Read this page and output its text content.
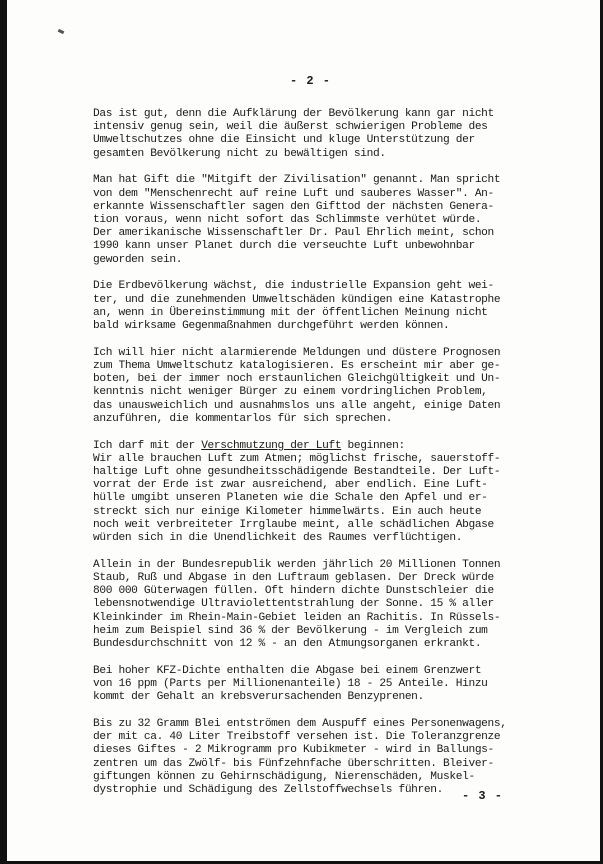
- 2 -
Das ist gut, denn die Aufklärung der Bevölkerung kann gar nicht
intensiv genug sein, weil die äußerst schwierigen Probleme des
Umweltschutzes ohne die Einsicht und kluge Unterstützung der
gesamten Bevölkerung nicht zu bewältigen sind.
Man hat Gift die "Mitgift der Zivilisation" genannt. Man spricht
von dem "Menschenrecht auf reine Luft und sauberes Wasser". An-
erkannte Wissenschaftler sagen den Gifttod der nächsten Genera-
tion voraus, wenn nicht sofort das Schlimmste verhütet würde.
Der amerikanische Wissenschaftler Dr. Paul Ehrlich meint, schon
1990 kann unser Planet durch die verseuchte Luft unbewohnbar
geworden sein.
Die Erdbevölkerung wächst, die industrielle Expansion geht wei-
ter, und die zunehmenden Umweltschäden kündigen eine Katastrophe
an, wenn in Übereinstimmung mit der öffentlichen Meinung nicht
bald wirksame Gegenmaßnahmen durchgeführt werden können.
Ich will hier nicht alarmierende Meldungen und düstere Prognosen
zum Thema Umweltschutz katalogisieren. Es erscheint mir aber ge-
boten, bei der immer noch erstaunlichen Gleichgültigkeit und Un-
kenntnis nicht weniger Bürger zu einem vordringlichen Problem,
das unausweichlich und ausnahmslos uns alle angeht, einige Daten
anzuführen, die kommentarlos für sich sprechen.
Ich darf mit der Verschmutzung der Luft beginnen:
Wir alle brauchen Luft zum Atmen; möglichst frische, sauerstoff-
haltige Luft ohne gesundheitsschädigende Bestandteile. Der Luft-
vorrat der Erde ist zwar ausreichend, aber endlich. Eine Luft-
hülle umgibt unseren Planeten wie die Schale den Apfel und er-
streckt sich nur einige Kilometer himmelwärts. Ein auch heute
noch weit verbreiteter Irrglaube meint, alle schädlichen Abgase
würden sich in die Unendlichkeit des Raumes verflüchtigen.
Allein in der Bundesrepublik werden jährlich 20 Millionen Tonnen
Staub, Ruß und Abgase in den Luftraum geblasen. Der Dreck würde
800 000 Güterwagen füllen. Oft hindern dichte Dunstschleier die
lebensnotwendige Ultraviolettentstrahlung der Sonne. 15 % aller
Kleinkinder im Rhein-Main-Gebiet leiden an Rachitis. In Rüssels-
heim zum Beispiel sind 36 % der Bevölkerung - im Vergleich zum
Bundesdurchschnitt von 12 % - an den Atmungsorganen erkrankt.
Bei hoher KFZ-Dichte enthalten die Abgase bei einem Grenzwert
von 16 ppm (Parts per Millionenanteile) 18 - 25 Anteile. Hinzu
kommt der Gehalt an krebsverursachenden Benzyprenen.
Bis zu 32 Gramm Blei entströmen dem Auspuff eines Personenwagens,
der mit ca. 40 Liter Treibstoff versehen ist. Die Toleranzgrenze
dieses Giftes - 2 Mikrogramm pro Kubikmeter - wird in Ballungs-
zentren um das Zwölf- bis Fünfzehnfache überschritten. Bleiver-
giftungen können zu Gehirnschädigung, Nierenschäden, Muskel-
dystrophie und Schädigung des Zellstoffwechsels führen.	- 3 -
